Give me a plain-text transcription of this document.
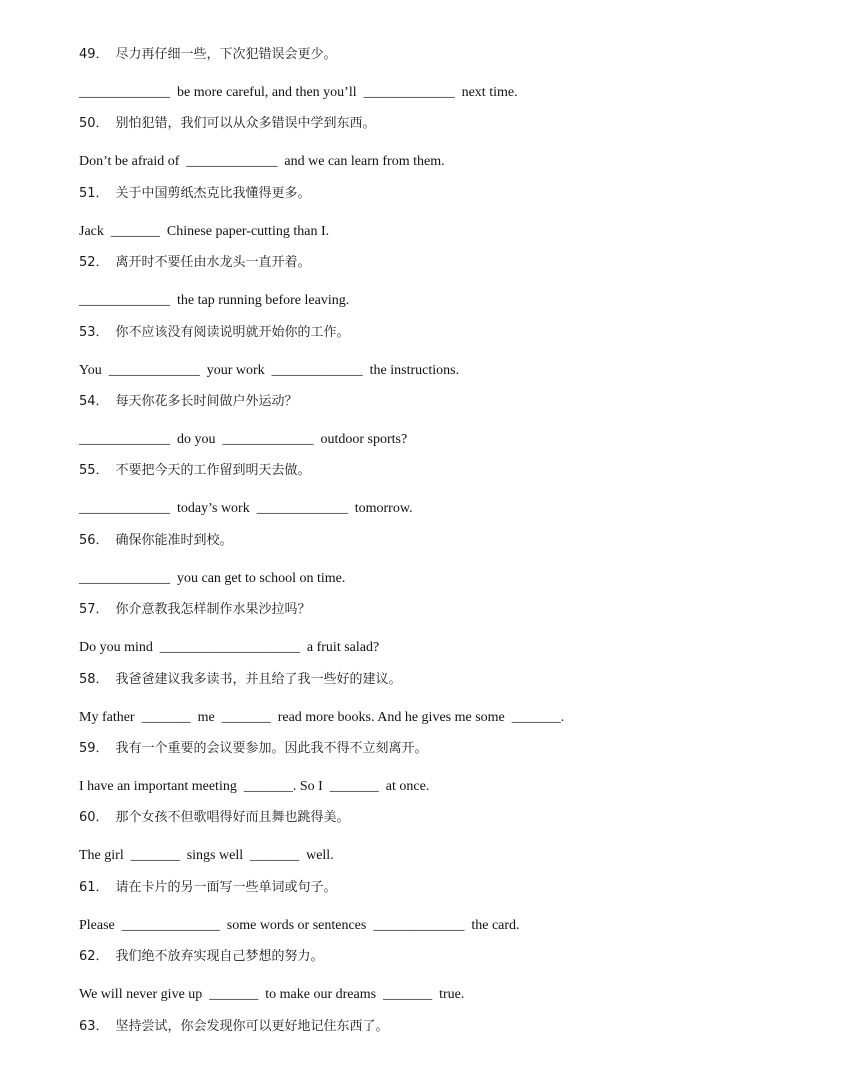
49． 尽力再仔细一些，下次犯错误会更少。
_____________  be more careful, and then you’ll  _____________  next time.
50． 别怕犯错，我们可以从众多错误中学到东西。
Don’t be afraid of  _____________  and we can learn from them.
51． 关于中国剪纸杰克比我懂得更多。
Jack  _______  Chinese paper-cutting than I.
52． 离开时不要任由水龙头一直开着。
_____________  the tap running before leaving.
53． 你不应该没有阅读说明就开始你的工作。
You  _____________  your work  _____________  the instructions.
54． 每天你花多长时间做户外运动？
_____________  do you  _____________  outdoor sports?
55． 不要把今天的工作留到明天去做。
_____________  today’s work  _____________  tomorrow.
56． 确保你能准时到校。
_____________  you can get to school on time.
57． 你介意教我怎样制作水果沙拉吗？
Do you mind  ____________________  a fruit salad?
58． 我爸爸建议我多读书，并且给了我一些好的建议。
My father  _______  me  _______  read more books. And he gives me some  _______.
59． 我有一个重要的会议要参加。因此我不得不立刻离开。
I have an important meeting  _______. So I  _______  at once.
60． 那个女孩不但歌唱得好而且舞也跳得美。
The girl  _______  sings well  _______  well.
61． 请在卡片的另一面写一些单词或句子。
Please  ______________  some words or sentences  _____________  the card.
62． 我们绝不放弃实现自己梦想的努力。
We will never give up  _______  to make our dreams  _______  true.
63． 坚持尝试，你会发现你可以更好地记住东西了。
